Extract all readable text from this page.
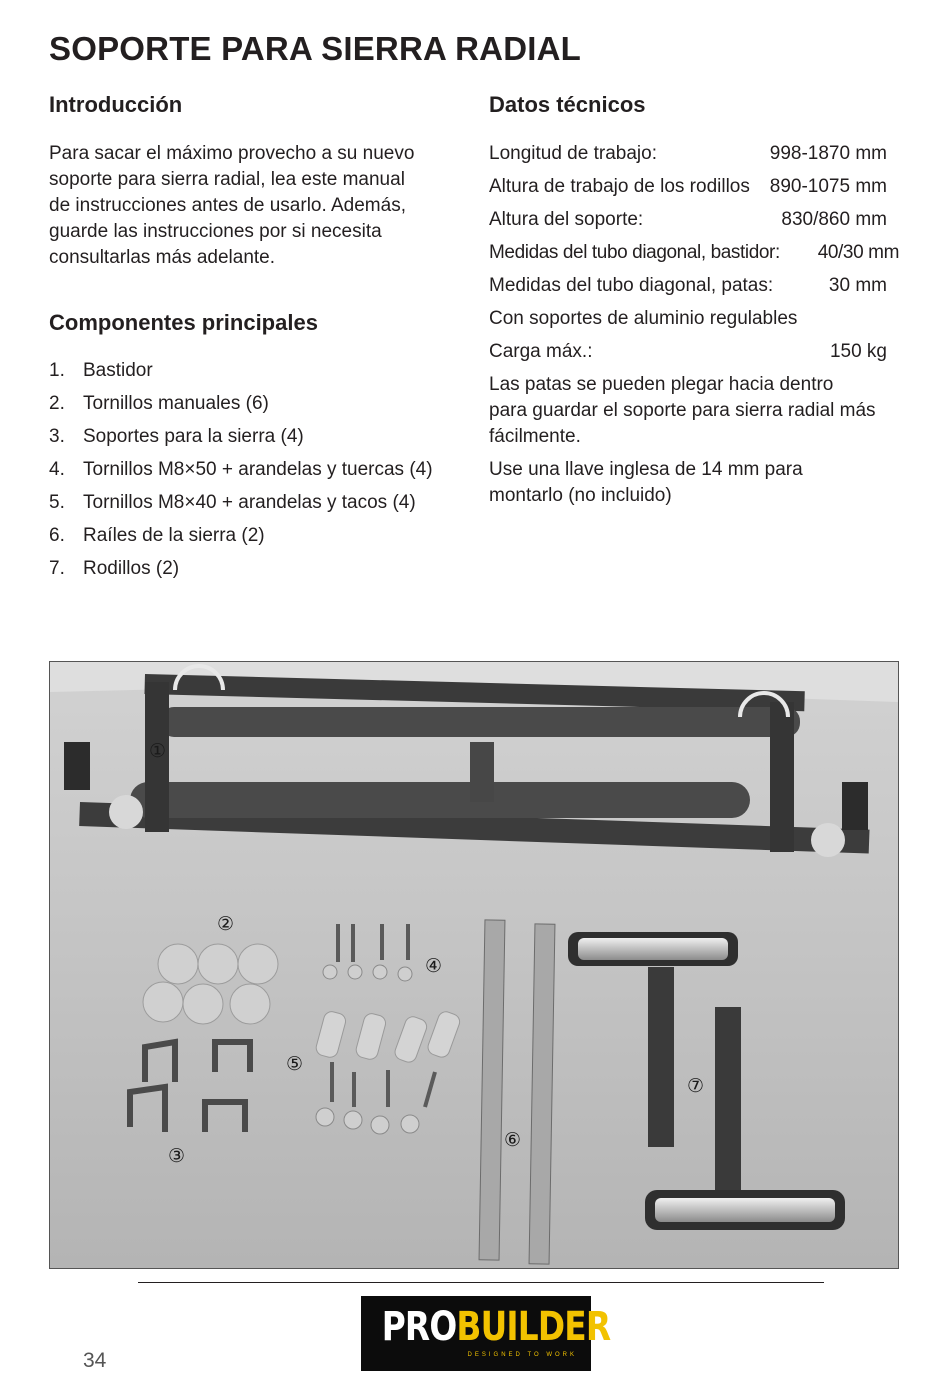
SOPORTE PARA SIERRA RADIAL
Introducción
Para sacar el máximo provecho a su nuevo
soporte para sierra radial, lea este manual
de instrucciones antes de usarlo. Además,
guarde las instrucciones por si necesita
consultarlas más adelante.
Componentes principales
1. Bastidor
2. Tornillos manuales (6)
3. Soportes para la sierra (4)
4. Tornillos M8×50 + arandelas y tuercas (4)
5. Tornillos M8×40 + arandelas y tacos (4)
6. Raíles de la sierra (2)
7. Rodillos (2)
Datos técnicos
Longitud de trabajo:	998-1870 mm
Altura de trabajo de los rodillos 890-1075 mm
Altura del soporte:	830/860 mm
Medidas del tubo diagonal, bastidor: 40/30 mm
Medidas del tubo diagonal, patas:	30 mm
Con soportes de aluminio regulables
Carga máx.:	150 kg
Las patas se pueden plegar hacia dentro
para guardar el soporte para sierra radial más
fácilmente.
Use una llave inglesa de 14 mm para
montarlo (no incluido)
①
②
③
④
⑤
⑥
⑦
PROBUILDER
DESIGNED TO WORK
34
